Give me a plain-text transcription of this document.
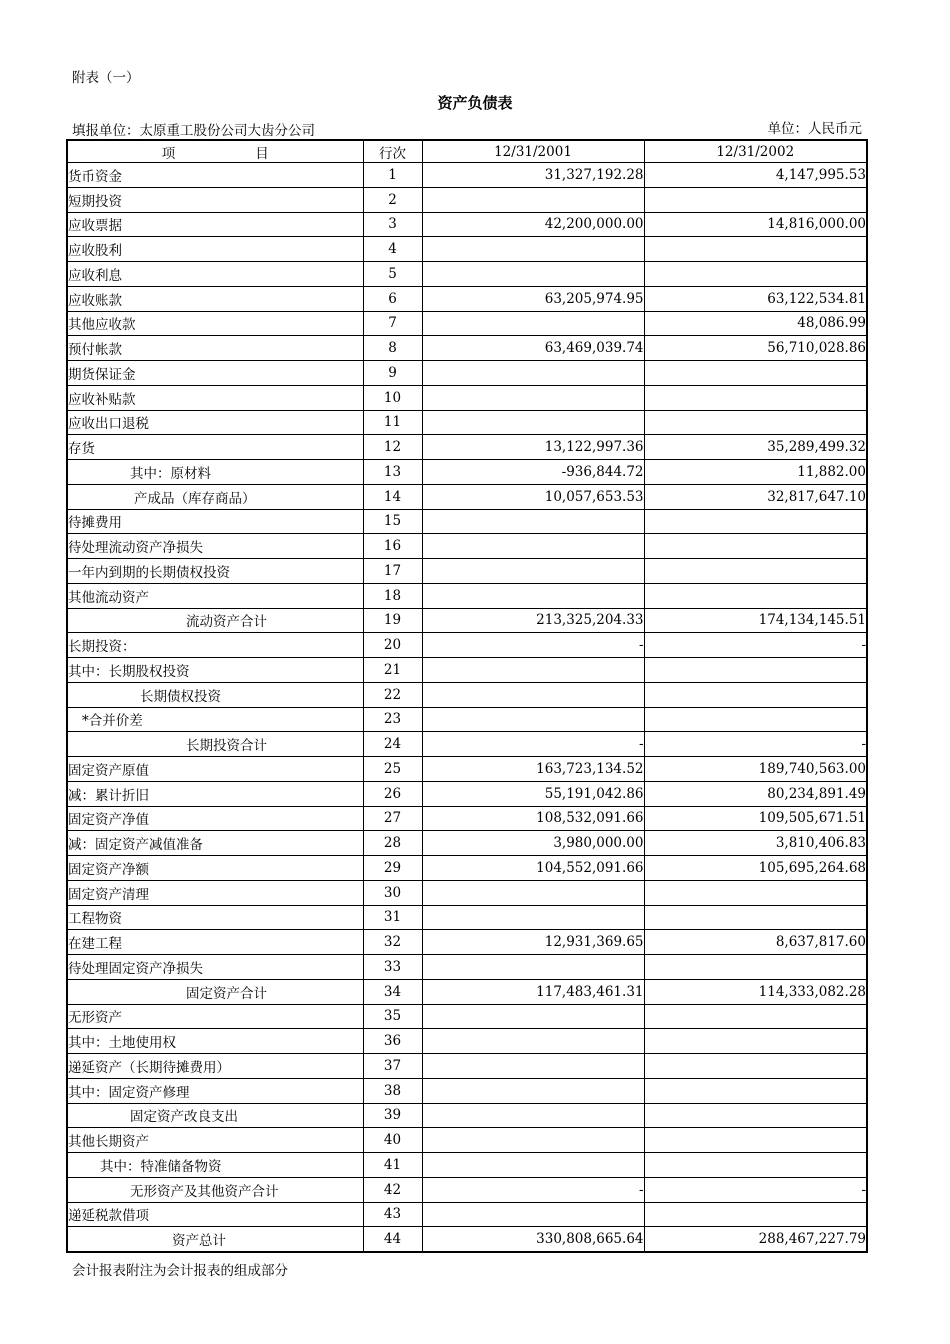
附表（一）
资产负债表
填报单位：太原重工股份公司大齿分公司	单位：人民币元
项 目	行次	12/31/2001	12/31/2002
货币资金	1	31,327,192.28	4,147,995.53
短期投资	2		
应收票据	3	42,200,000.00	14,816,000.00
应收股利	4		
应收利息	5		
应收账款	6	63,205,974.95	63,122,534.81
其他应收款	7		48,086.99
预付帐款	8	63,469,039.74	56,710,028.86
期货保证金	9		
应收补贴款	10		
应收出口退税	11		
存货	12	13,122,997.36	35,289,499.32
其中：原材料	13	-936,844.72	11,882.00
产成品（库存商品）	14	10,057,653.53	32,817,647.10
待摊费用	15		
待处理流动资产净损失	16		
一年内到期的长期债权投资	17		
其他流动资产	18		
流动资产合计	19	213,325,204.33	174,134,145.51
长期投资：	20	-	-
其中：长期股权投资	21		
长期债权投资	22		
*合并价差	23		
长期投资合计	24	-	-
固定资产原值	25	163,723,134.52	189,740,563.00
减：累计折旧	26	55,191,042.86	80,234,891.49
固定资产净值	27	108,532,091.66	109,505,671.51
减：固定资产减值准备	28	3,980,000.00	3,810,406.83
固定资产净额	29	104,552,091.66	105,695,264.68
固定资产清理	30		
工程物资	31		
在建工程	32	12,931,369.65	8,637,817.60
待处理固定资产净损失	33		
固定资产合计	34	117,483,461.31	114,333,082.28
无形资产	35		
其中：土地使用权	36		
递延资产（长期待摊费用）	37		
其中：固定资产修理	38		
固定资产改良支出	39		
其他长期资产	40		
其中：特准储备物资	41		
无形资产及其他资产合计	42	-	-
递延税款借项	43		
资产总计	44	330,808,665.64	288,467,227.79
会计报表附注为会计报表的组成部分
